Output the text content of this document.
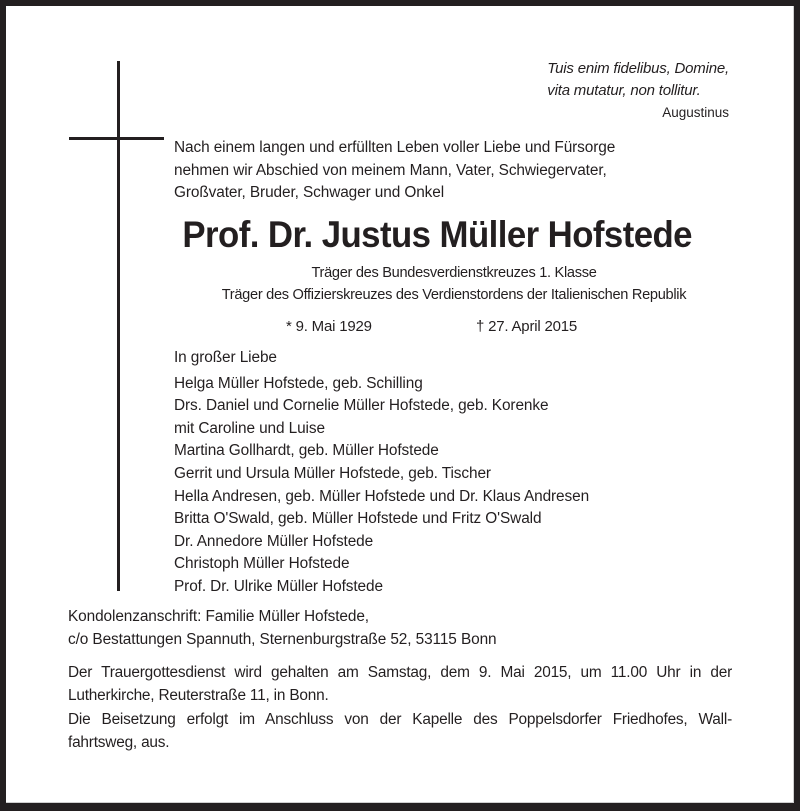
Tuis enim fidelibus, Domine,
vita mutatur, non tollitur.
Augustinus
Nach einem langen und erfüllten Leben voller Liebe und Fürsorge
nehmen wir Abschied von meinem Mann, Vater, Schwiegervater,
Großvater, Bruder, Schwager und Onkel
Prof. Dr. Justus Müller Hofstede
Träger des Bundesverdienstkreuzes 1. Klasse
Träger des Offizierskreuzes des Verdienstordens der Italienischen Republik
* 9. Mai 1929	† 27. April 2015
In großer Liebe
Helga Müller Hofstede, geb. Schilling
Drs. Daniel und Cornelie Müller Hofstede, geb. Korenke
mit Caroline und Luise
Martina Gollhardt, geb. Müller Hofstede
Gerrit und Ursula Müller Hofstede, geb. Tischer
Hella Andresen, geb. Müller Hofstede und Dr. Klaus Andresen
Britta O'Swald, geb. Müller Hofstede und Fritz O'Swald
Dr. Annedore Müller Hofstede
Christoph Müller Hofstede
Prof. Dr. Ulrike Müller Hofstede
Kondolenzanschrift: Familie Müller Hofstede,
c/o Bestattungen Spannuth, Sternenburgstraße 52, 53115 Bonn

Der Trauergottesdienst wird gehalten am Samstag, dem 9. Mai 2015, um 11.00 Uhr in der Lutherkirche, Reuterstraße 11, in Bonn.

Die Beisetzung erfolgt im Anschluss von der Kapelle des Poppelsdorfer Friedhofes, Wall-
fahrtsweg, aus.
